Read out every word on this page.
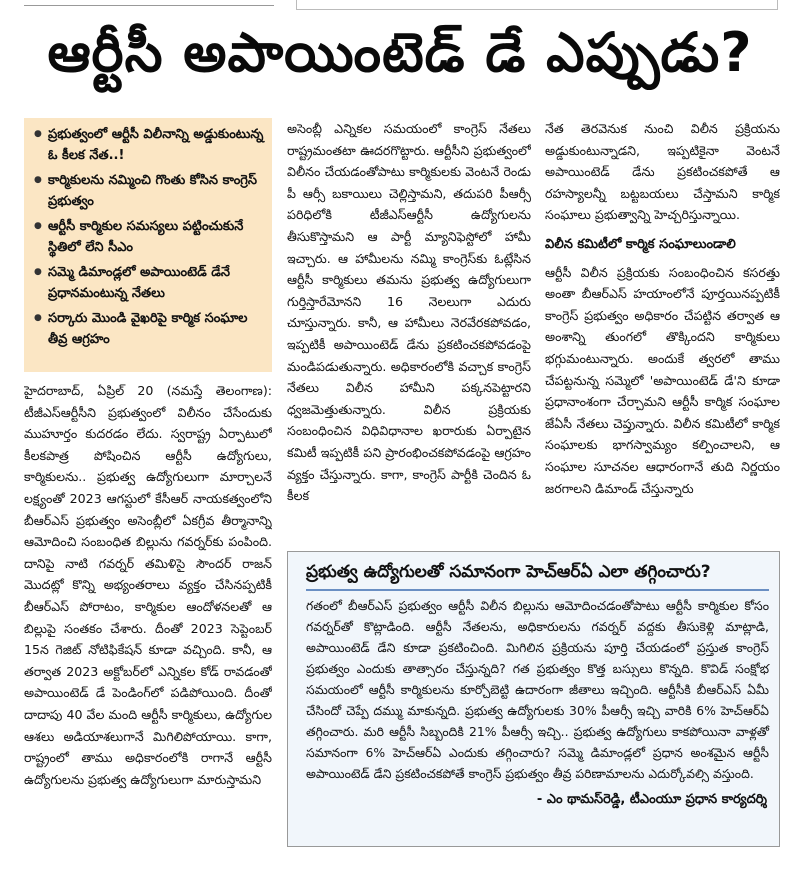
ఆర్టీసీ అపాయింటెడ్ డే ఎప్పుడు?
● ప్రభుత్వంలో ఆర్టీసీ విలీనాన్ని అడ్డుకుంటున్న ఓ కీలక నేత..!
● కార్మికులను నమ్మించి గొంతు కోసిన కాంగ్రెస్ ప్రభుత్వం
● ఆర్టీసీ కార్మికుల సమస్యలు పట్టించుకునే స్థితిలో లేని సీఎం
● సమ్మె డిమాండ్లలో అపాయింటెడ్ డేనే ప్రధానమంటున్న నేతలు
● సర్కారు మొండి వైఖరిపై కార్మిక సంఘాల తీవ్ర ఆగ్రహం

హైదరాబాద్, ఏప్రిల్ 20 (నమస్తే తెలంగాణ): టీజీఎస్‌ఆర్టీసీని ప్రభుత్వంలో విలీనం చేసేందుకు ముహూర్తం కుదరడం లేదు. స్వరాష్ట్ర ఏర్పాటులో కీలకపాత్ర పోషించిన ఆర్టీసీ ఉద్యోగులు, కార్మికులను.. ప్రభుత్వ ఉద్యోగులుగా మార్చాలనే లక్ష్యంతో 2023 ఆగస్టులో కేసీఆర్ నాయకత్వంలోని బీఆర్ఎస్ ప్రభుత్వం అసెంబ్లీలో ఏకగ్రీవ తీర్మానాన్ని ఆమోదించి సంబంధిత బిల్లును గవర్నర్‌కు పంపింది. దానిపై నాటి గవర్నర్ తమిళిసై సౌందర్ రాజన్ మొదట్లో కొన్ని అభ్యంతరాలు వ్యక్తం చేసినప్పటికీ బీఆర్ఎస్ పోరాటం, కార్మికుల ఆందోళనలతో ఆ బిల్లుపై సంతకం చేశారు. దీంతో 2023 సెప్టెంబర్ 15న గెజిట్ నోటిఫికేషన్ కూడా వచ్చింది. కానీ, ఆ తర్వాత 2023 అక్టోబర్‌లో ఎన్నికల కోడ్ రావడంతో అపాయింటెడ్ డే పెండింగ్‌లో పడిపోయింది. దీంతో దాదాపు 40 వేల మంది ఆర్టీసీ కార్మికులు, ఉద్యోగుల ఆశలు అడియాశలుగానే మిగిలిపోయాయి. కాగా, రాష్ట్రంలో తాము అధికారంలోకి రాగానే ఆర్టీసీ ఉద్యోగులను ప్రభుత్వ ఉద్యోగులుగా మారుస్తామని

అసెంబ్లీ ఎన్నికల సమయంలో కాంగ్రెస్ నేతలు రాష్ట్రమంతటా ఊదరగొట్టారు. ఆర్టీసీని ప్రభుత్వంలో విలీనం చేయడంతోపాటు కార్మికులకు వెంటనే రెండు పీ ఆర్సీ బకాయిలు చెల్లిస్తామని, తదుపరి పీఆర్సీ పరిధిలోకి టీజీఎస్‌ఆర్టీసీ ఉద్యోగులను తీసుకొస్తామని ఆ పార్టీ మ్యానిఫెస్టోలో హామీ ఇచ్చారు. ఆ హామీలను నమ్మి కాంగ్రెస్‌కు ఓట్లేసిన ఆర్టీసీ కార్మికులు తమను ప్రభుత్వ ఉద్యోగులుగా గుర్తిస్తారేమోనని 16 నెలలుగా ఎదురు చూస్తున్నారు. కానీ, ఆ హామీలు నెరవేరకపోవడం, ఇప్పటికీ అపాయింటెడ్ డేను ప్రకటించకపోవడంపై మండిపడుతున్నారు. అధికారంలోకి వచ్చాక కాంగ్రెస్ నేతలు విలీన హామీని పక్కనపెట్టారని ధ్వజమెత్తుతున్నారు. విలీన ప్రక్రియకు సంబంధించిన విధివిధానాల ఖరారుకు ఏర్పాటైన కమిటీ ఇప్పటికీ పని ప్రారంభించకపోవడంపై ఆగ్రహం వ్యక్తం చేస్తున్నారు. కాగా, కాంగ్రెస్ పార్టీకి చెందిన ఓ కీలక

నేత తెరవెనుక నుంచి విలీన ప్రక్రియను అడ్డుకుంటున్నాడని, ఇప్పటికైనా వెంటనే అపాయింటెడ్ డేను ప్రకటించకపోతే ఆ రహస్యాలన్నీ బట్టబయలు చేస్తామని కార్మిక సంఘాలు ప్రభుత్వాన్ని హెచ్చరిస్తున్నాయి.

విలీన కమిటీలో కార్మిక సంఘాలుండాలి

ఆర్టీసీ విలీన ప్రక్రియకు సంబంధించిన కసరత్తు అంతా బీఆర్ఎస్ హయాంలోనే పూర్తయినప్పటికీ కాంగ్రెస్ ప్రభుత్వం అధికారం చేపట్టిన తర్వాత ఆ అంశాన్ని తుంగలో తొక్కిందని కార్మికులు భగ్గుమంటున్నారు. అందుకే త్వరలో తాము చేపట్టనున్న సమ్మెలో 'అపాయింటెడ్ డే'ని కూడా ప్రధానాంశంగా చేర్చామని ఆర్టీసీ కార్మిక సంఘాల జేఏసీ నేతలు చెప్తున్నారు. విలీన కమిటీలో కార్మిక సంఘాలకు భాగస్వామ్యం కల్పించాలని, ఆ సంఘాల సూచనల ఆధారంగానే తుది నిర్ణయం జరగాలని డిమాండ్ చేస్తున్నారు

ప్రభుత్వ ఉద్యోగులతో సమానంగా హెచ్‌ఆర్‌ఏ ఎలా తగ్గించారు?
గతంలో బీఆర్ఎస్ ప్రభుత్వం ఆర్టీసీ విలీన బిల్లును ఆమోదించడంతోపాటు ఆర్టీసీ కార్మికుల కోసం గవర్నర్‌తో కొట్లాడింది. ఆర్టీసీ నేతలను, అధికారులను గవర్నర్ వద్దకు తీసుకెళ్లి మాట్లాడి, అపాయింటెడ్ డేని కూడా ప్రకటించింది. మిగిలిన ప్రక్రియను పూర్తి చేయడంలో ప్రస్తుత కాంగ్రెస్ ప్రభుత్వం ఎందుకు తాత్సారం చేస్తున్నది? గత ప్రభుత్వం కొత్త బస్సులు కొన్నది. కొవిడ్ సంక్షోభ సమయంలో ఆర్టీసీ కార్మికులను కూర్చోబెట్టి ఉదారంగా జీతాలు ఇచ్చింది. ఆర్టీసీకి బీఆర్ఎస్ ఏమీ చేసిందో చెప్పే దమ్ము మాకున్నది. ప్రభుత్వ ఉద్యోగులకు 30% పీఆర్సీ ఇచ్చి వారికి 6% హెచ్‌ఆర్‌ఏ తగ్గించారు. మరి ఆర్టీసీ సిబ్బందికి 21% పీఆర్సీ ఇచ్చి.. ప్రభుత్వ ఉద్యోగులు కాకపోయినా వాళ్లతో సమానంగా 6% హెచ్‌ఆర్‌ఏ ఎందుకు తగ్గించారు? సమ్మె డిమాండ్లలో ప్రధాన అంశమైన ఆర్టీసీ అపాయింటెడ్ డేని ప్రకటించకపోతే కాంగ్రెస్ ప్రభుత్వం తీవ్ర పరిణామాలను ఎదుర్కోవల్సి వస్తుంది.
- ఎం థామస్‌రెడ్డి, టీఎంయూ ప్రధాన కార్యదర్శి
